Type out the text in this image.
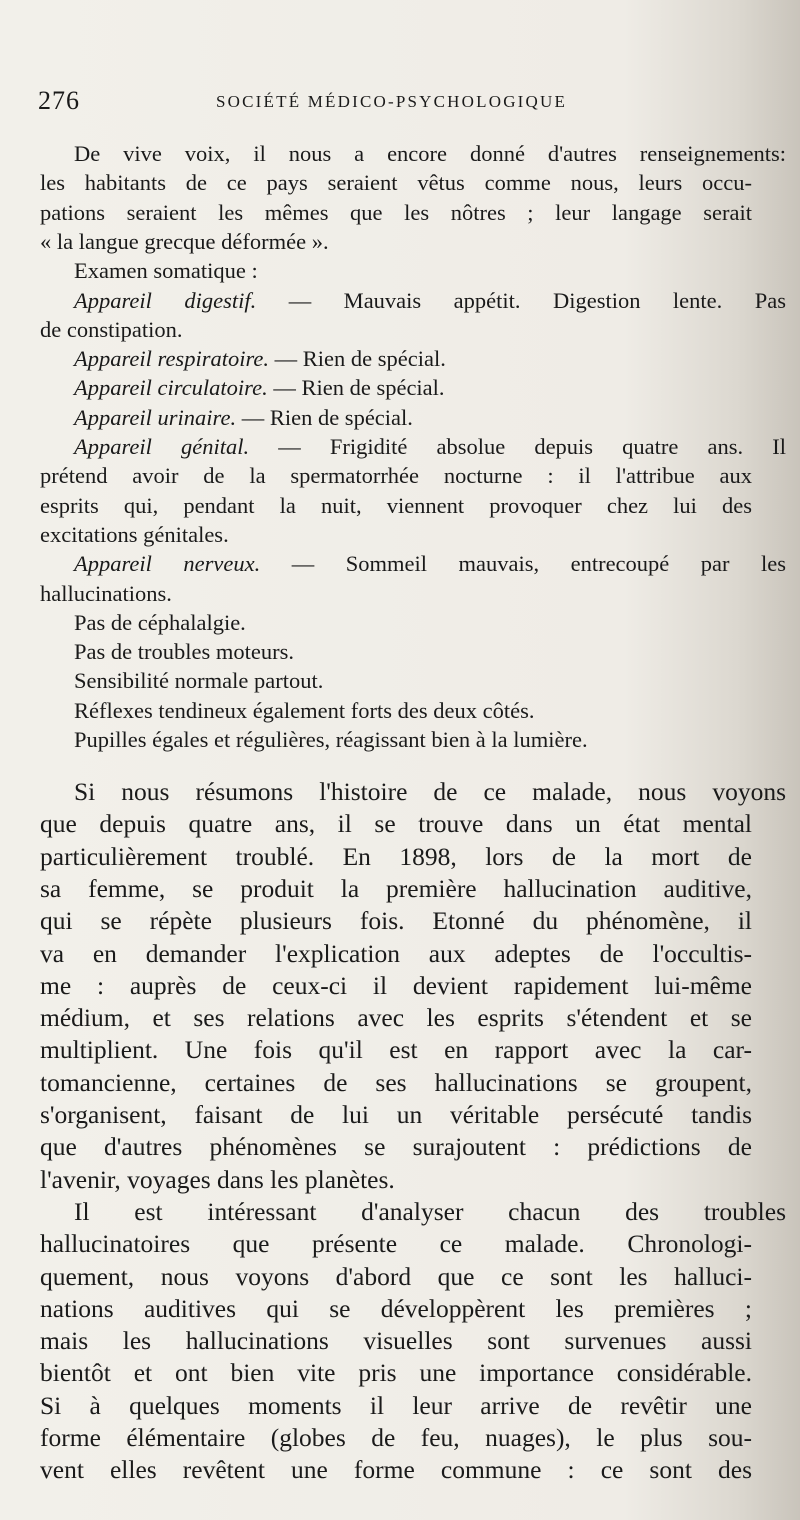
276	SOCIÉTÉ MÉDICO-PSYCHOLOGIQUE
De vive voix, il nous a encore donné d'autres renseignements:
les habitants de ce pays seraient vêtus comme nous, leurs occu-
pations seraient les mêmes que les nôtres ; leur langage serait
« la langue grecque déformée ».
Examen somatique :
Appareil digestif. — Mauvais appétit. Digestion lente. Pas
de constipation.
Appareil respiratoire. — Rien de spécial.
Appareil circulatoire. — Rien de spécial.
Appareil urinaire. — Rien de spécial.
Appareil génital. — Frigidité absolue depuis quatre ans. Il
prétend avoir de la spermatorrhée nocturne : il l'attribue aux
esprits qui, pendant la nuit, viennent provoquer chez lui des
excitations génitales.
Appareil nerveux. — Sommeil mauvais, entrecoupé par les
hallucinations.
Pas de céphalalgie.
Pas de troubles moteurs.
Sensibilité normale partout.
Réflexes tendineux également forts des deux côtés.
Pupilles égales et régulières, réagissant bien à la lumière.
Si nous résumons l'histoire de ce malade, nous voyons
que depuis quatre ans, il se trouve dans un état mental
particulièrement troublé. En 1898, lors de la mort de
sa femme, se produit la première hallucination auditive,
qui se répète plusieurs fois. Etonné du phénomène, il
va en demander l'explication aux adeptes de l'occultis-
me : auprès de ceux-ci il devient rapidement lui-même
médium, et ses relations avec les esprits s'étendent et se
multiplient. Une fois qu'il est en rapport avec la car-
tomancienne, certaines de ses hallucinations se groupent,
s'organisent, faisant de lui un véritable persécuté tandis
que d'autres phénomènes se surajoutent : prédictions de
l'avenir, voyages dans les planètes.
Il est intéressant d'analyser chacun des troubles
hallucinatoires que présente ce malade. Chronologi-
quement, nous voyons d'abord que ce sont les halluci-
nations auditives qui se développèrent les premières ;
mais les hallucinations visuelles sont survenues aussi
bientôt et ont bien vite pris une importance considérable.
Si à quelques moments il leur arrive de revêtir une
forme élémentaire (globes de feu, nuages), le plus sou-
vent elles revêtent une forme commune : ce sont des
